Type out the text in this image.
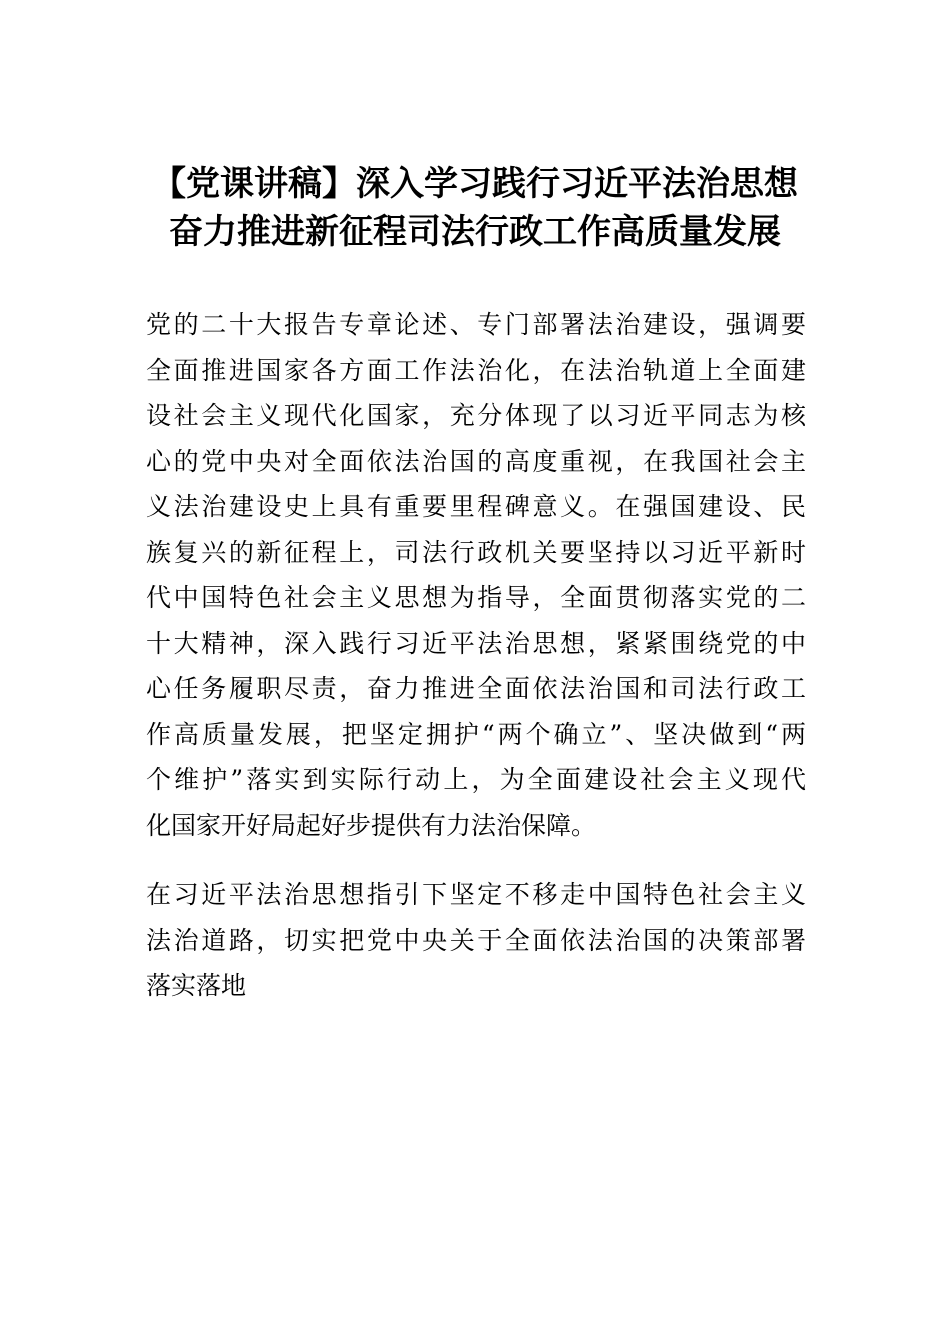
【党课讲稿】深入学习践行习近平法治思想
奋力推进新征程司法行政工作高质量发展
党的二十大报告专章论述、专门部署法治建设，强调要
全面推进国家各方面工作法治化，在法治轨道上全面建
设社会主义现代化国家，充分体现了以习近平同志为核
心的党中央对全面依法治国的高度重视，在我国社会主
义法治建设史上具有重要里程碑意义。在强国建设、民
族复兴的新征程上，司法行政机关要坚持以习近平新时
代中国特色社会主义思想为指导，全面贯彻落实党的二
十大精神，深入践行习近平法治思想，紧紧围绕党的中
心任务履职尽责，奋力推进全面依法治国和司法行政工
作高质量发展，把坚定拥护“两个确立”、坚决做到“两
个维护”落实到实际行动上，为全面建设社会主义现代
化国家开好局起好步提供有力法治保障。
在习近平法治思想指引下坚定不移走中国特色社会主义
法治道路，切实把党中央关于全面依法治国的决策部署
落实落地
